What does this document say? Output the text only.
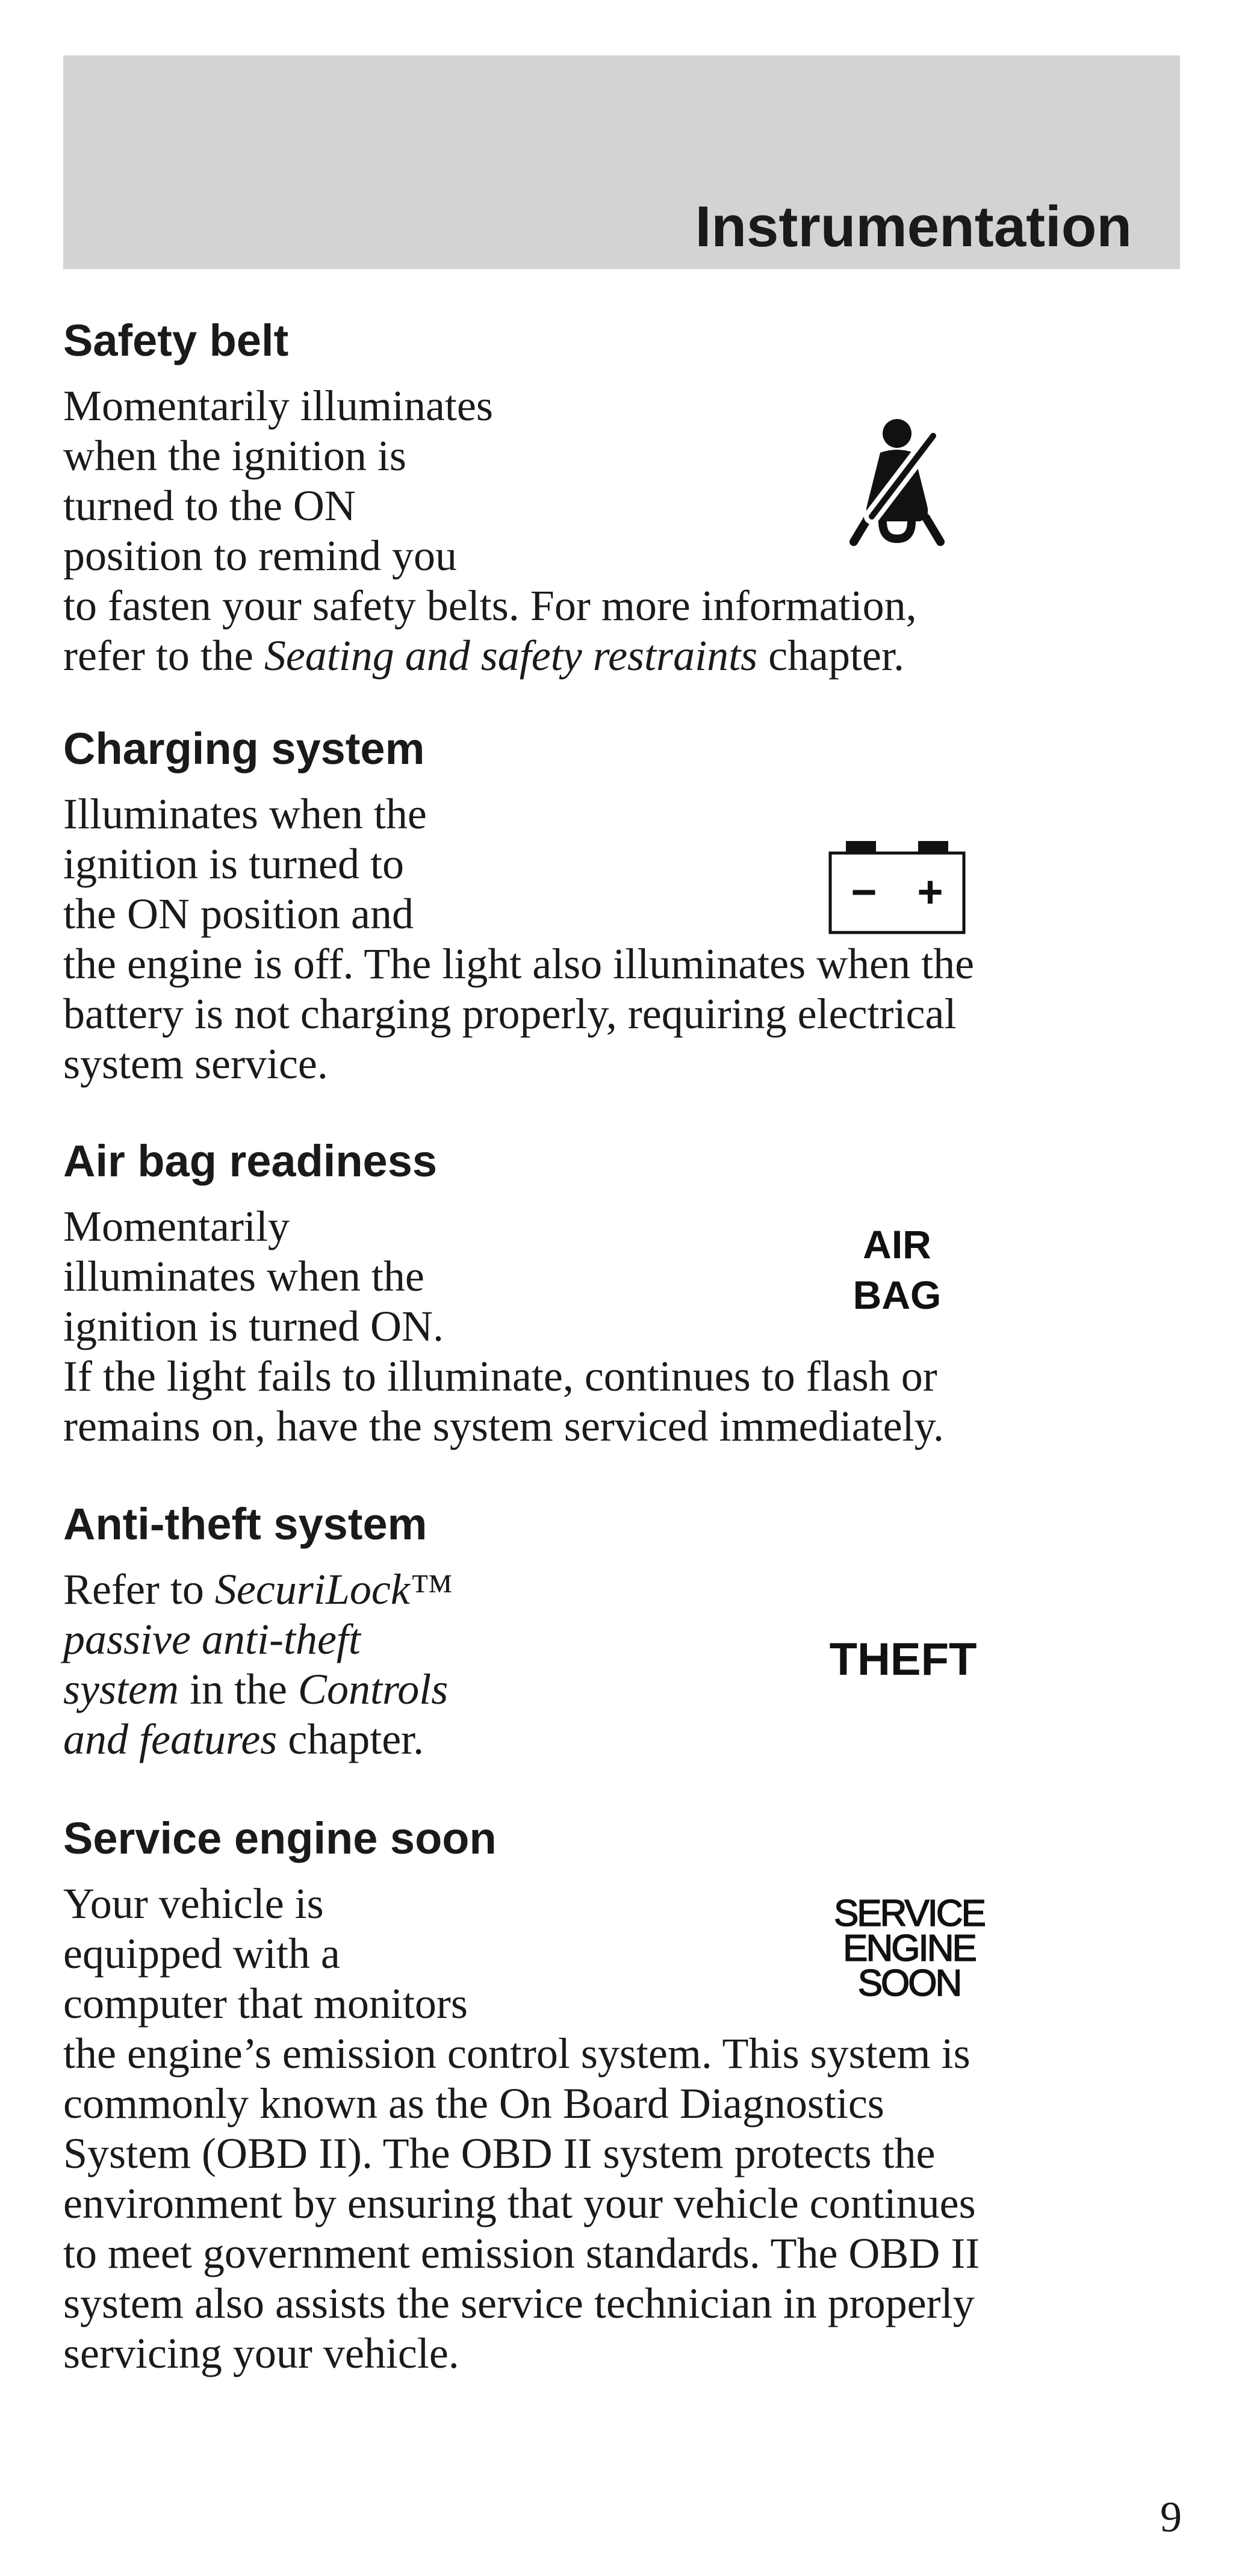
Instrumentation
Safety belt
Momentarily illuminates
when the ignition is
turned to the ON
position to remind you
to fasten your safety belts. For more information,
refer to the Seating and safety restraints chapter.
Charging system
Illuminates when the
ignition is turned to
the ON position and
the engine is off. The light also illuminates when the
battery is not charging properly, requiring electrical
system service.
− +
Air bag readiness
Momentarily
illuminates when the
ignition is turned ON.
If the light fails to illuminate, continues to flash or
remains on, have the system serviced immediately.
AIR
BAG
Anti-theft system
Refer to SecuriLock™
passive anti-theft
system in the Controls
and features chapter.
THEFT
Service engine soon
Your vehicle is
equipped with a
computer that monitors
the engine’s emission control system. This system is
commonly known as the On Board Diagnostics
System (OBD II). The OBD II system protects the
environment by ensuring that your vehicle continues
to meet government emission standards. The OBD II
system also assists the service technician in properly
servicing your vehicle.
SERVICE
ENGINE
SOON
9
